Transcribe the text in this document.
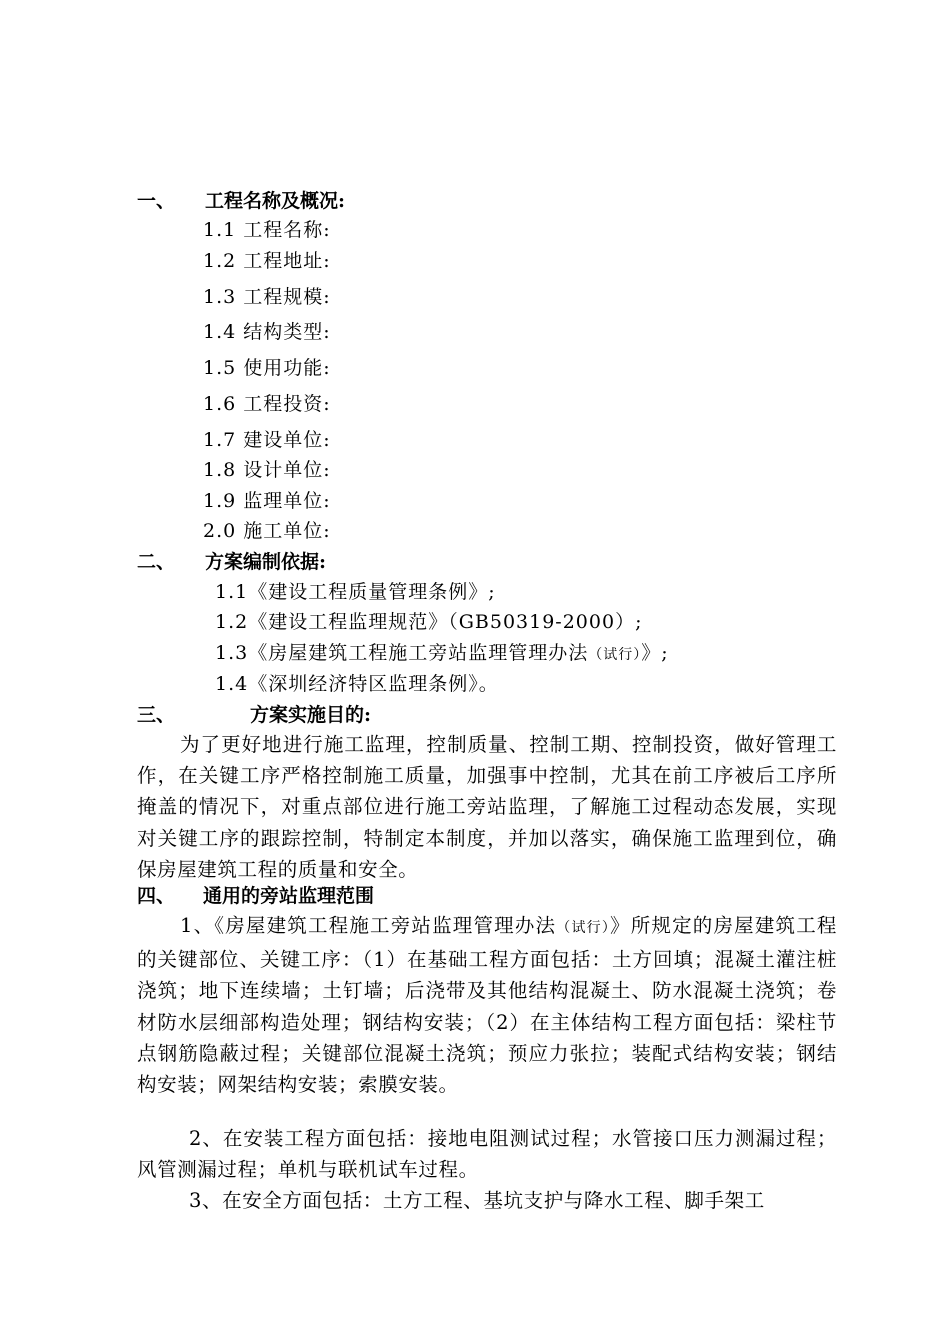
一、 工程名称及概况:
1.1 工程名称:
1.2 工程地址:
1.3 工程规模:
1.4 结构类型:
1.5 使用功能:
1.6 工程投资:
1.7 建设单位:
1.8 设计单位:
1.9 监理单位:
2.0 施工单位:
二、 方案编制依据:
1.1《建设工程质量管理条例》;
1.2《建设工程监理规范》（GB50319-2000）;
1.3《房屋建筑工程施工旁站监理管理办法（试行）》;
1.4《深圳经济特区监理条例》。
三、	方案实施目的:

为了更好地进行施工监理，控制质量、控制工期、控制投资，做好管理工作，在关键工序严格控制施工质量，加强事中控制，尤其在前工序被后工序所掩盖的情况下，对重点部位进行施工旁站监理，了解施工过程动态发展，实现对关键工序的跟踪控制，特制定本制度，并加以落实，确保施工监理到位，确保房屋建筑工程的质量和安全。

四、 通用的旁站监理范围

1、《房屋建筑工程施工旁站监理管理办法（试行）》所规定的房屋建筑工程的关键部位、关键工序：（1）在基础工程方面包括：土方回填；混凝土灌注桩浇筑；地下连续墙；土钉墙；后浇带及其他结构混凝土、防水混凝土浇筑；卷材防水层细部构造处理；钢结构安装；（2）在主体结构工程方面包括：梁柱节点钢筋隐蔽过程；关键部位混凝土浇筑；预应力张拉；装配式结构安装；钢结构安装；网架结构安装；索膜安装。

2、在安装工程方面包括：接地电阻测试过程；水管接口压力测漏过程；风管测漏过程；单机与联机试车过程。

3、在安全方面包括：土方工程、基坑支护与降水工程、脚手架工
